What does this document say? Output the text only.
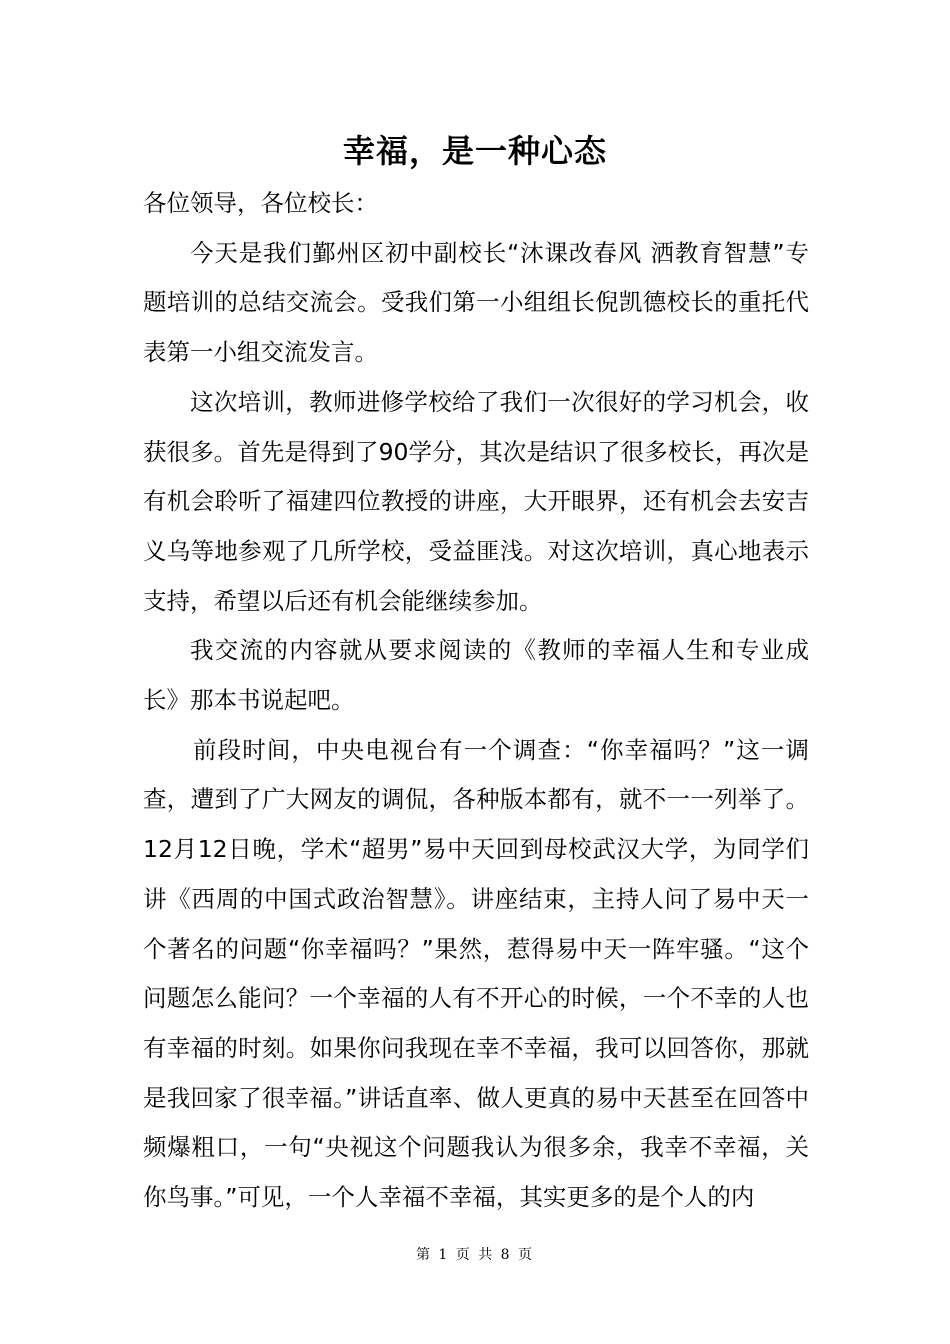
幸福，是一种心态

各位领导，各位校长：

今天是我们鄞州区初中副校长“沐课改春风 洒教育智慧”专题培训的总结交流会。受我们第一小组组长倪凯德校长的重托代表第一小组交流发言。

这次培训，教师进修学校给了我们一次很好的学习机会，收获很多。首先是得到了90学分，其次是结识了很多校长，再次是有机会聆听了福建四位教授的讲座，大开眼界，还有机会去安吉义乌等地参观了几所学校，受益匪浅。对这次培训，真心地表示支持，希望以后还有机会能继续参加。

我交流的内容就从要求阅读的《教师的幸福人生和专业成长》那本书说起吧。

前段时间，中央电视台有一个调查：“你幸福吗？”这一调查，遭到了广大网友的调侃，各种版本都有，就不一一列举了。12月12日晚，学术“超男”易中天回到母校武汉大学，为同学们讲《西周的中国式政治智慧》。讲座结束，主持人问了易中天一个著名的问题“你幸福吗？”果然，惹得易中天一阵牢骚。“这个问题怎么能问？一个幸福的人有不开心的时候，一个不幸的人也有幸福的时刻。如果你问我现在幸不幸福，我可以回答你，那就是我回家了很幸福。”讲话直率、做人更真的易中天甚至在回答中频爆粗口，一句“央视这个问题我认为很多余，我幸不幸福，关你鸟事。”可见，一个人幸福不幸福，其实更多的是个人的内

第 1 页 共 8 页
